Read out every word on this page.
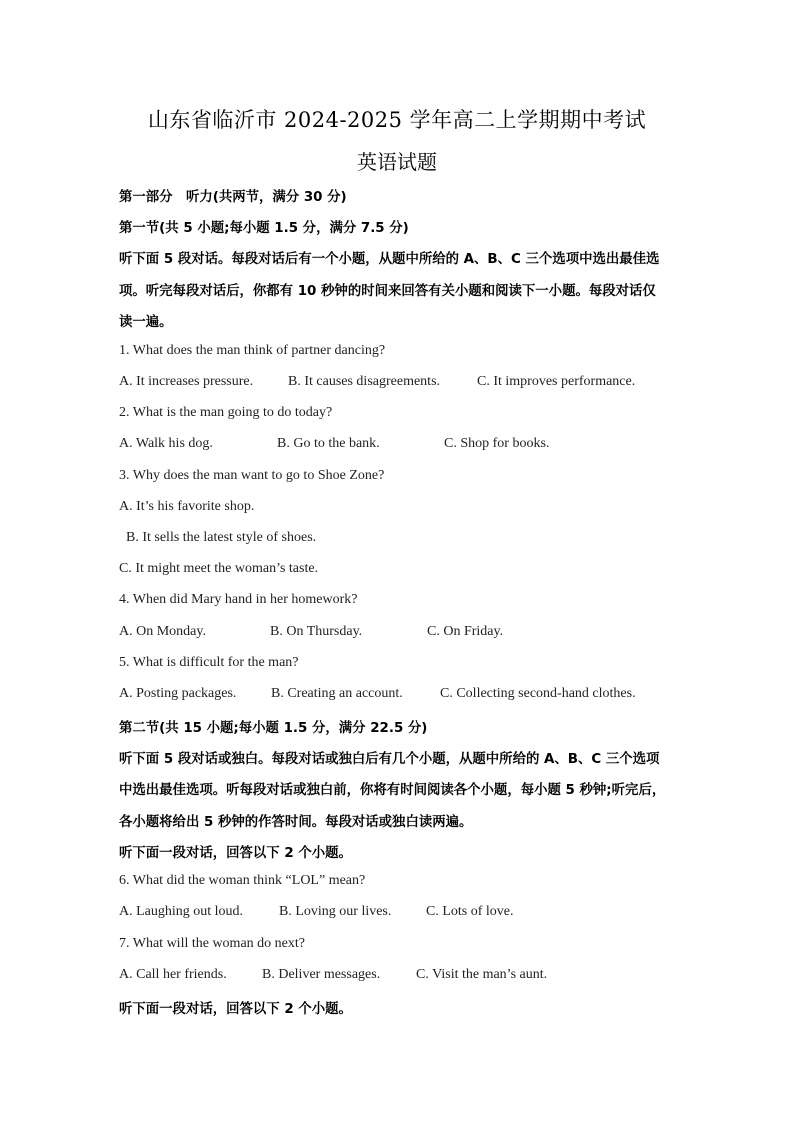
山东省临沂市 2024-2025 学年高二上学期期中考试
英语试题
第一部分　听力(共两节，满分 30 分)
第一节(共 5 小题;每小题 1.5 分，满分 7.5 分)
听下面 5 段对话。每段对话后有一个小题，从题中所给的 A、B、C 三个选项中选出最佳选
项。听完每段对话后，你都有 10 秒钟的时间来回答有关小题和阅读下一小题。每段对话仅
读一遍。
1. What does the man think of partner dancing?
A. It increases pressure. B. It causes disagreements.	C. It improves performance.
2. What is the man going to do today?
A. Walk his dog.	B. Go to the bank.	C. Shop for books.
3. Why does the man want to go to Shoe Zone?
A. It’s his favorite shop.
B. It sells the latest style of shoes.
C. It might meet the woman’s taste.
4. When did Mary hand in her homework?
A. On Monday.	B. On Thursday.	C. On Friday.
5. What is difficult for the man?
A. Posting packages. B. Creating an account.	C. Collecting second-hand clothes.
第二节(共 15 小题;每小题 1.5 分，满分 22.5 分)
听下面 5 段对话或独白。每段对话或独白后有几个小题，从题中所给的 A、B、C 三个选项
中选出最佳选项。听每段对话或独白前，你将有时间阅读各个小题，每小题 5 秒钟;听完后，
各小题将给出 5 秒钟的作答时间。每段对话或独白读两遍。
听下面一段对话，回答以下 2 个小题。
6. What did the woman think “LOL” mean?
A. Laughing out loud.	B. Loving our lives. C. Lots of love.
7. What will the woman do next?
A. Call her friends.	B. Deliver messages.	C. Visit the man’s aunt.
听下面一段对话，回答以下 2 个小题。
